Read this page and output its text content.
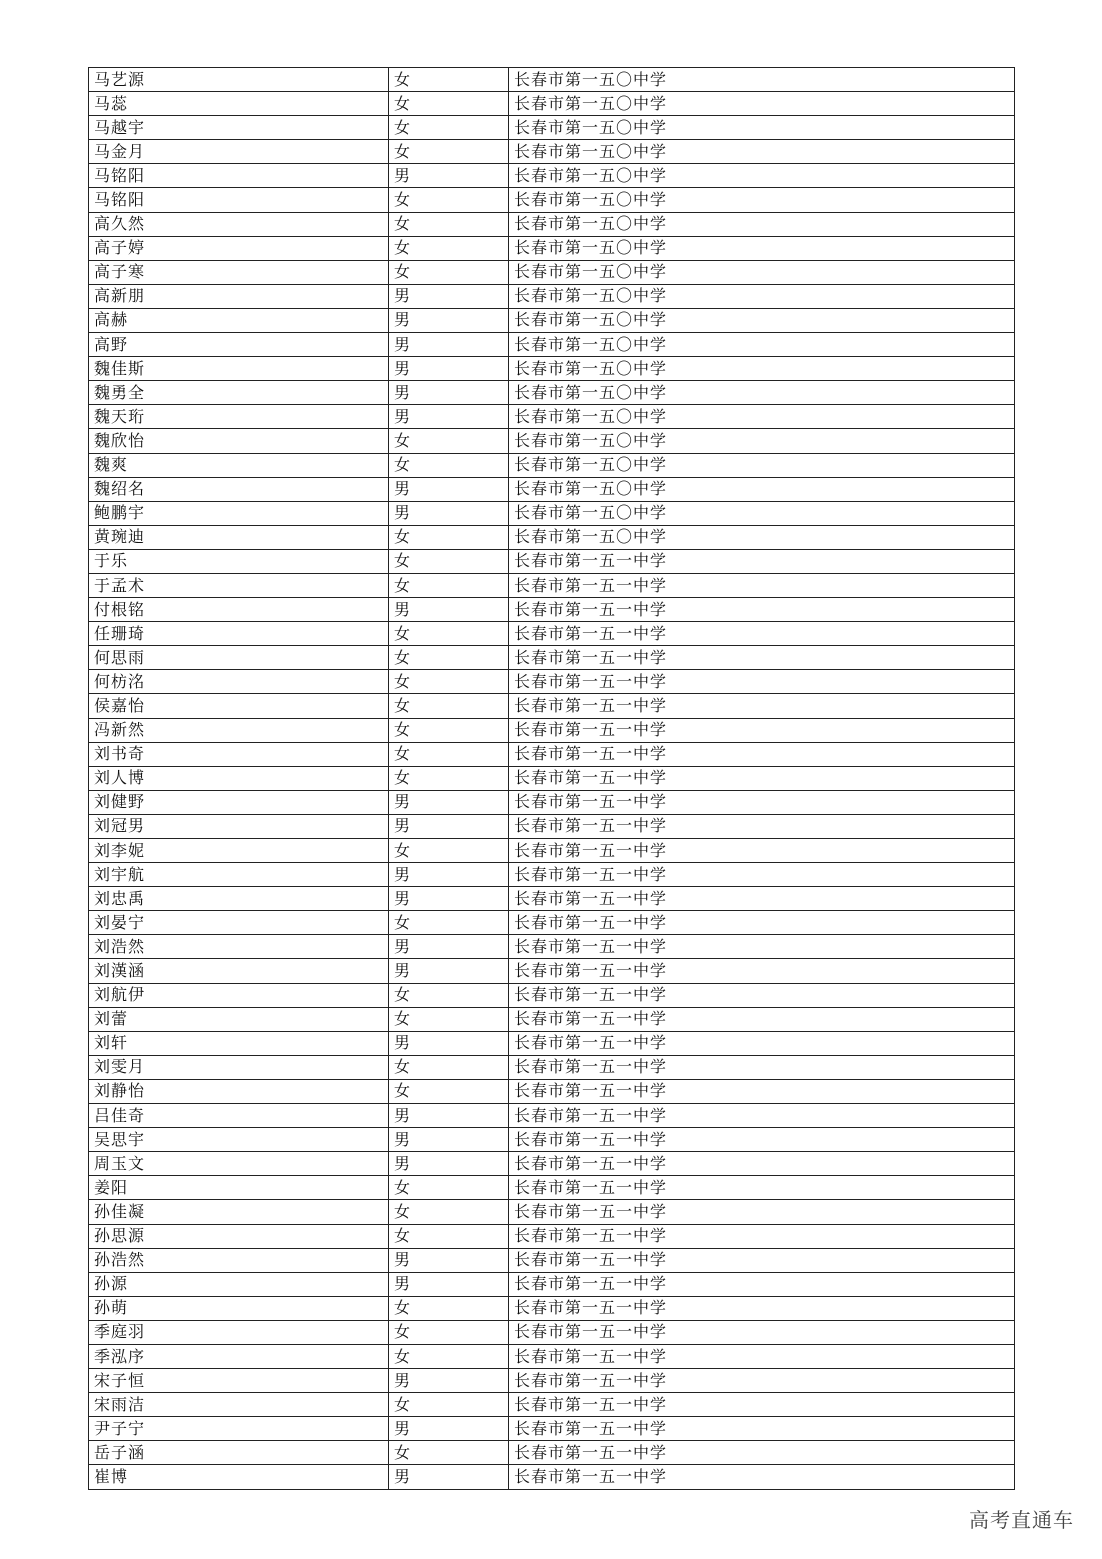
马艺源	女	长春市第一五〇中学
马蕊	女	长春市第一五〇中学
马越宇	女	长春市第一五〇中学
马金月	女	长春市第一五〇中学
马铭阳	男	长春市第一五〇中学
马铭阳	女	长春市第一五〇中学
高久然	女	长春市第一五〇中学
高子婷	女	长春市第一五〇中学
高子寒	女	长春市第一五〇中学
高新朋	男	长春市第一五〇中学
高赫	男	长春市第一五〇中学
高野	男	长春市第一五〇中学
魏佳斯	男	长春市第一五〇中学
魏勇全	男	长春市第一五〇中学
魏天珩	男	长春市第一五〇中学
魏欣怡	女	长春市第一五〇中学
魏爽	女	长春市第一五〇中学
魏绍名	男	长春市第一五〇中学
鲍鹏宇	男	长春市第一五〇中学
黄琬迪	女	长春市第一五〇中学
于乐	女	长春市第一五一中学
于孟术	女	长春市第一五一中学
付根铭	男	长春市第一五一中学
任珊琦	女	长春市第一五一中学
何思雨	女	长春市第一五一中学
何枋洺	女	长春市第一五一中学
侯嘉怡	女	长春市第一五一中学
冯新然	女	长春市第一五一中学
刘书奇	女	长春市第一五一中学
刘人博	女	长春市第一五一中学
刘健野	男	长春市第一五一中学
刘冠男	男	长春市第一五一中学
刘李妮	女	长春市第一五一中学
刘宇航	男	长春市第一五一中学
刘忠禹	男	长春市第一五一中学
刘晏宁	女	长春市第一五一中学
刘浩然	男	长春市第一五一中学
刘漢涵	男	长春市第一五一中学
刘航伊	女	长春市第一五一中学
刘蕾	女	长春市第一五一中学
刘轩	男	长春市第一五一中学
刘雯月	女	长春市第一五一中学
刘静怡	女	长春市第一五一中学
吕佳奇	男	长春市第一五一中学
吴思宇	男	长春市第一五一中学
周玉文	男	长春市第一五一中学
姜阳	女	长春市第一五一中学
孙佳凝	女	长春市第一五一中学
孙思源	女	长春市第一五一中学
孙浩然	男	长春市第一五一中学
孙源	男	长春市第一五一中学
孙萌	女	长春市第一五一中学
季庭羽	女	长春市第一五一中学
季泓序	女	长春市第一五一中学
宋子恒	男	长春市第一五一中学
宋雨洁	女	长春市第一五一中学
尹子宁	男	长春市第一五一中学
岳子涵	女	长春市第一五一中学
崔博	男	长春市第一五一中学
高考直通车
